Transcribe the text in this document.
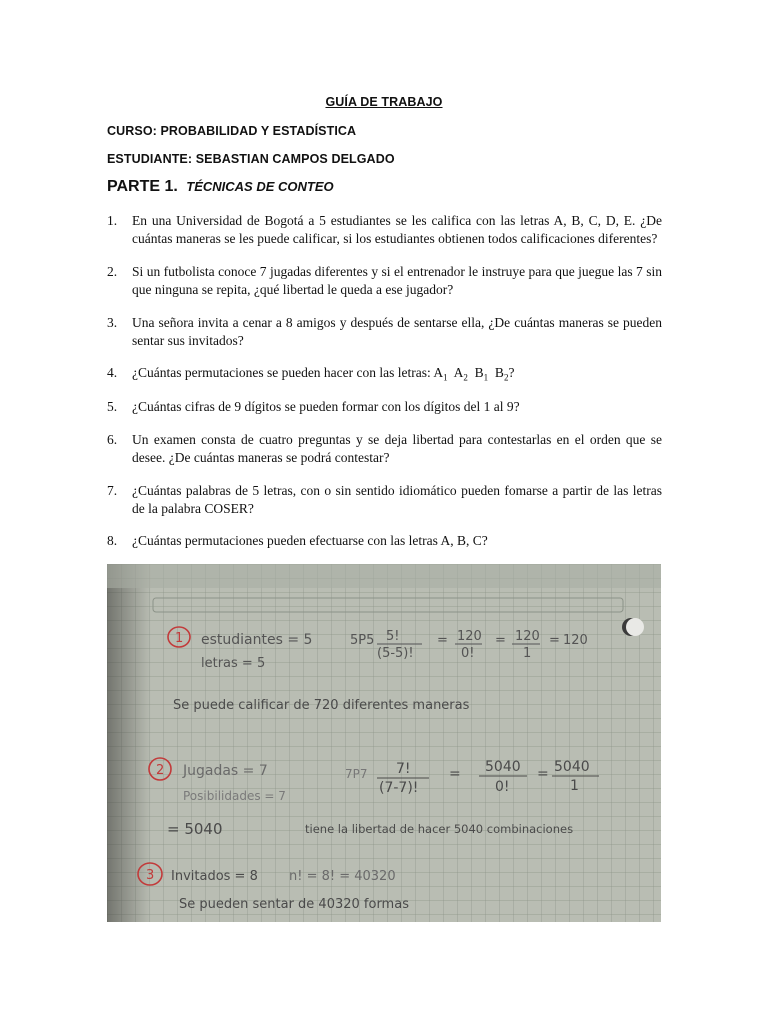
GUÍA DE TRABAJO
CURSO: PROBABILIDAD Y ESTADÍSTICA
ESTUDIANTE: SEBASTIAN CAMPOS DELGADO
PARTE 1. TÉCNICAS DE CONTEO
1.	En una Universidad de Bogotá a 5 estudiantes se les califica con las letras A, B, C, D, E. ¿De cuántas maneras se les puede calificar, si los estudiantes obtienen todos calificaciones diferentes?
2.	Si un futbolista conoce 7 jugadas diferentes y si el entrenador le instruye para que juegue las 7 sin que ninguna se repita, ¿qué libertad le queda a ese jugador?
3.	Una señora invita a cenar a 8 amigos y después de sentarse ella, ¿De cuántas maneras se pueden sentar sus invitados?
4.	¿Cuántas permutaciones se pueden hacer con las letras: $A_1$  $A_2$  $B_1$  $B_2$?
5.	¿Cuántas cifras de 9 dígitos se pueden formar con los dígitos del 1 al 9?
6.	Un examen consta de cuatro preguntas y se deja libertad para contestarlas en el orden que se desee. ¿De cuántas maneras se podrá contestar?
7.	¿Cuántas palabras de 5 letras, con o sin sentido idiomático pueden fomarse a partir de las letras de la palabra COSER?
8.	¿Cuántas permutaciones pueden efectuarse con las letras A, B, C?
1 estudiantes = 5
letras = 5
5P5 5!
(5-5)!
= 120
0!
= 120
1
= 120
Se puede calificar de 720 diferentes maneras
2 Jugadas = 7
Posibilidades = 7
7P7 7!
(7-7)!
= 5040
0!
= 5040
1
= 5040	tiene la libertad de hacer 5040 combinaciones
3 Invitados = 8 n! = 8! = 40320
Se pueden sentar de 40320 formas
